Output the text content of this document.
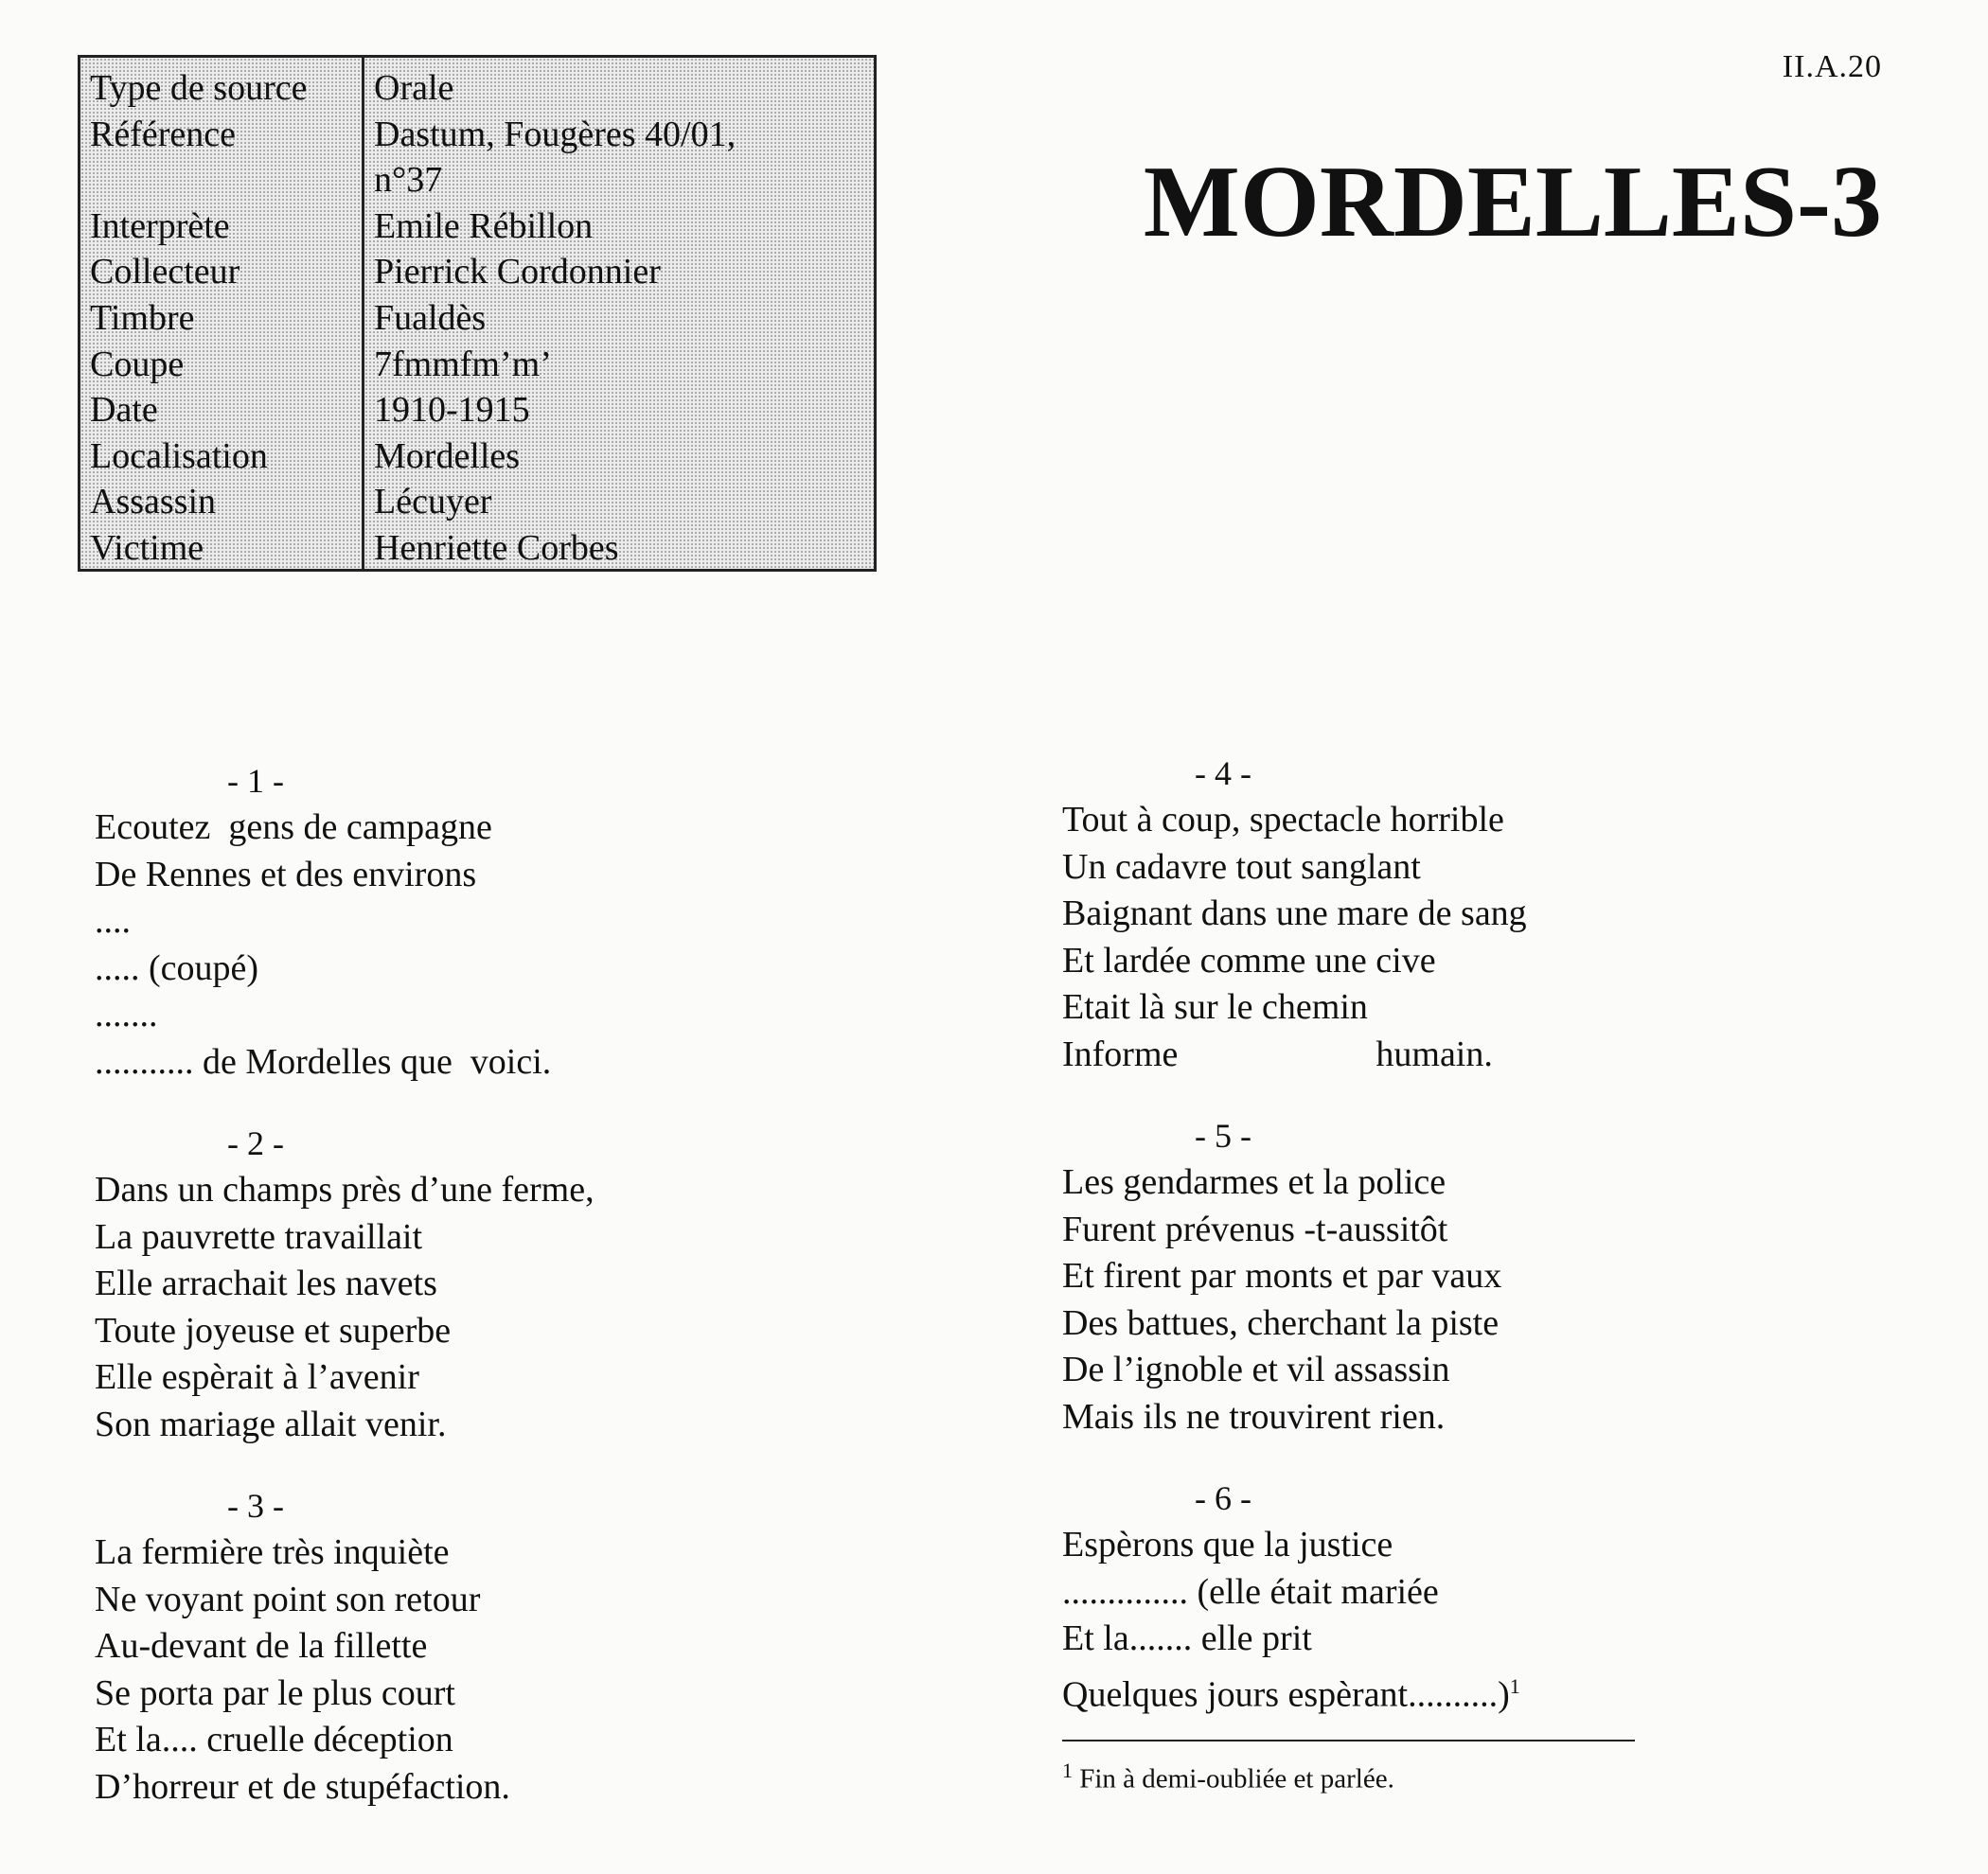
Type de source
Référence
Interprète
Collecteur
Timbre
Coupe
Date
Localisation
Assassin
Victime
Orale
Dastum, Fougères 40/01, n°37
Emile Rébillon
Pierrick Cordonnier
Fualdès
7fmmfm’m’
1910-1915
Mordelles
Lécuyer
Henriette Corbes
II.A.20
MORDELLES-3
- 1 -
Ecoutez  gens de campagne
De Rennes et des environs
....
..... (coupé)
.......
........... de Mordelles que  voici.
- 2 -
Dans un champs près d’une ferme,
La pauvrette travaillait
Elle arrachait les navets
Toute joyeuse et superbe
Elle espèrait à l’avenir
Son mariage allait venir.
- 3 -
La fermière très inquiète
Ne voyant point son retour
Au-devant de la fillette
Se porta par le plus court
Et la.... cruelle déception
D’horreur et de stupéfaction.
- 4 -
Tout à coup, spectacle horrible
Un cadavre tout sanglant
Baignant dans une mare de sang
Et lardée comme une cive
Etait là sur le chemin
Informe                      humain.
- 5 -
Les gendarmes et la police
Furent prévenus -t-aussitôt
Et firent par monts et par vaux
Des battues, cherchant la piste
De l’ignoble et vil assassin
Mais ils ne trouvirent rien.
- 6 -
Espèrons que la justice
.............. (elle était mariée
Et la....... elle prit
Quelques jours espèrant..........)$^1$
$^1$ Fin à demi-oubliée et parlée.
